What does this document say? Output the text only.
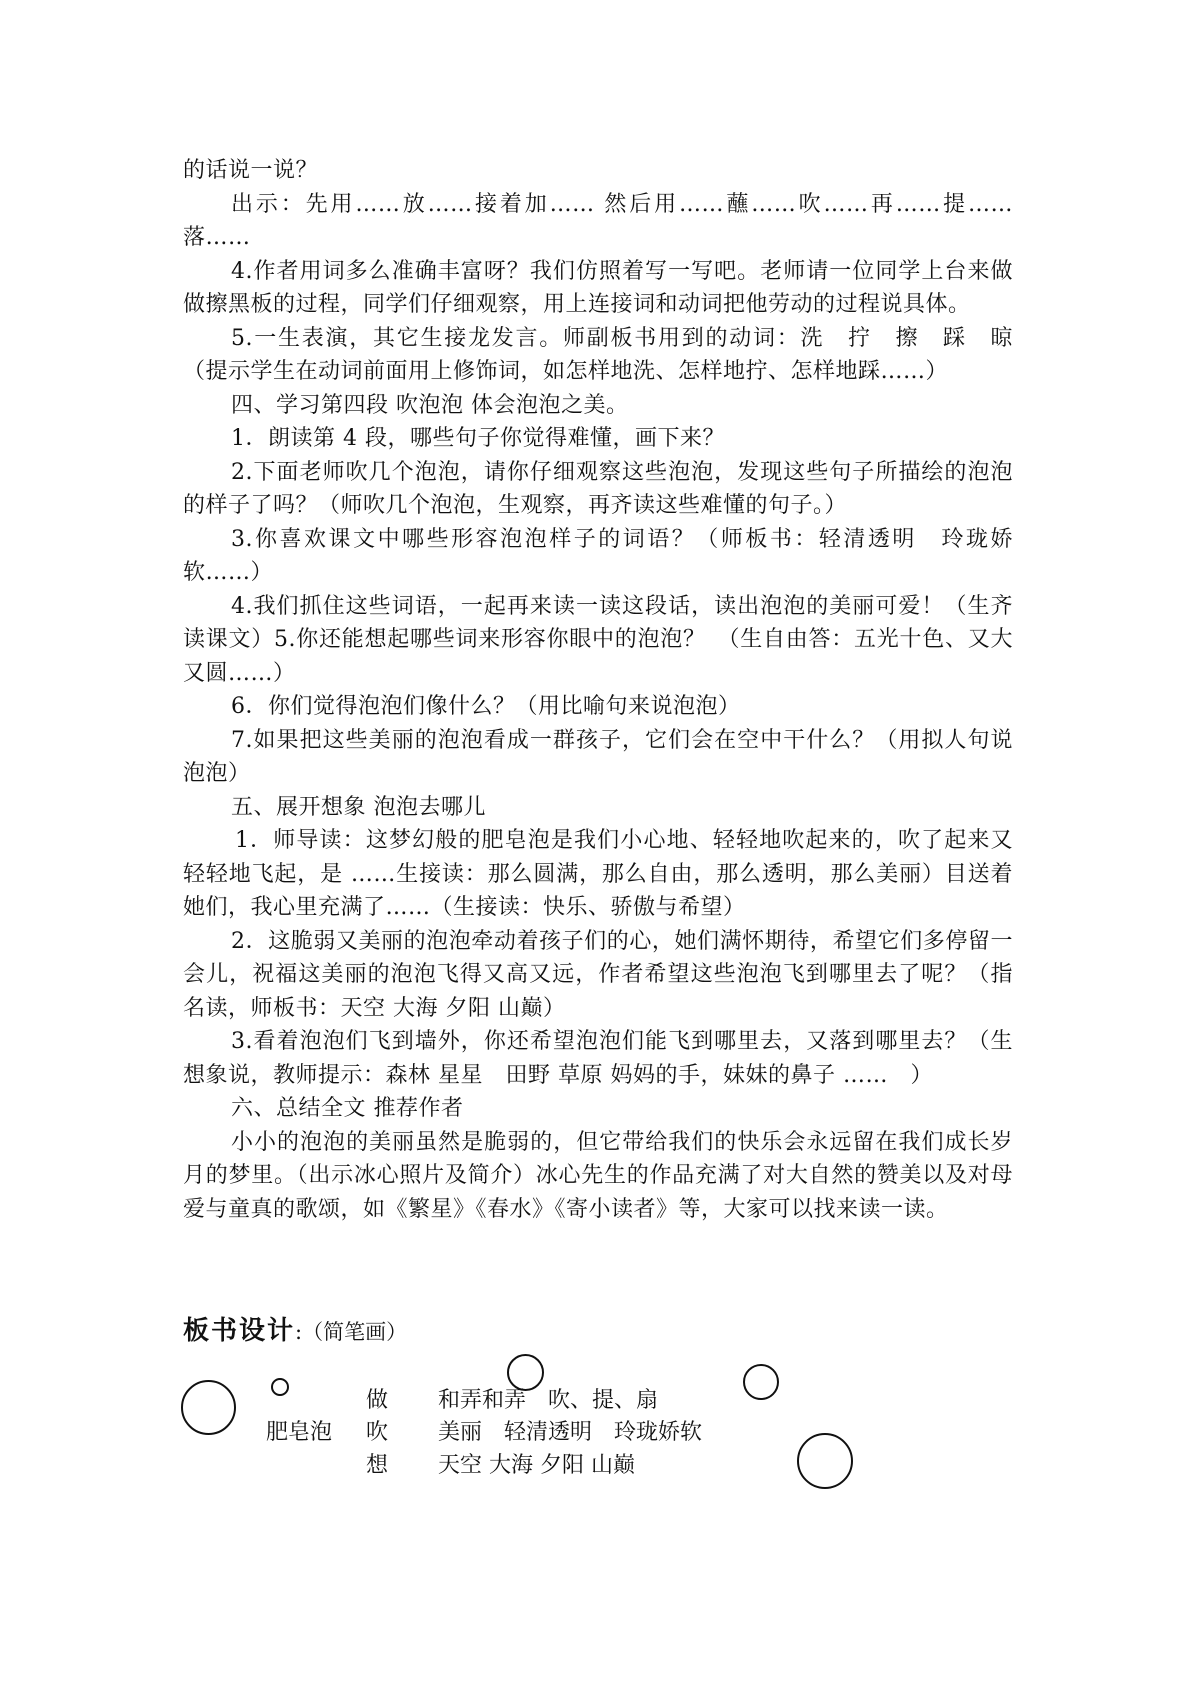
的话说一说？

出示：先用……放……接着加…… 然后用……蘸……吹……再……提……落……

4.作者用词多么准确丰富呀？我们仿照着写一写吧。老师请一位同学上台来做做擦黑板的过程，同学们仔细观察，用上连接词和动词把他劳动的过程说具体。

5.一生表演，其它生接龙发言。师副板书用到的动词：洗　拧　擦　踩　晾（提示学生在动词前面用上修饰词，如怎样地洗、怎样地拧、怎样地踩……）

四、学习第四段 吹泡泡 体会泡泡之美。

1．朗读第 4 段，哪些句子你觉得难懂，画下来？

2.下面老师吹几个泡泡，请你仔细观察这些泡泡，发现这些句子所描绘的泡泡的样子了吗？（师吹几个泡泡，生观察，再齐读这些难懂的句子。）

3.你喜欢课文中哪些形容泡泡样子的词语？（师板书：轻清透明　玲珑娇软……）

4.我们抓住这些词语，一起再来读一读这段话，读出泡泡的美丽可爱！（生齐读课文）5.你还能想起哪些词来形容你眼中的泡泡？　（生自由答：五光十色、又大又圆……）

6．你们觉得泡泡们像什么？（用比喻句来说泡泡）

7.如果把这些美丽的泡泡看成一群孩子，它们会在空中干什么？（用拟人句说泡泡）

五、展开想象 泡泡去哪儿

1．师导读：这梦幻般的肥皂泡是我们小心地、轻轻地吹起来的，吹了起来又轻轻地飞起，是 ……生接读：那么圆满，那么自由，那么透明，那么美丽）目送着她们，我心里充满了……（生接读：快乐、骄傲与希望）

2．这脆弱又美丽的泡泡牵动着孩子们的心，她们满怀期待，希望它们多停留一会儿，祝福这美丽的泡泡飞得又高又远，作者希望这些泡泡飞到哪里去了呢？（指名读，师板书：天空 大海 夕阳 山巅）

3.看着泡泡们飞到墙外，你还希望泡泡们能飞到哪里去，又落到哪里去？（生想象说，教师提示：森林 星星　田野 草原 妈妈的手，妹妹的鼻子 ……　）

六、总结全文 推荐作者

小小的泡泡的美丽虽然是脆弱的，但它带给我们的快乐会永远留在我们成长岁月的梦里。（出示冰心照片及简介）冰心先生的作品充满了对大自然的赞美以及对母爱与童真的歌颂，如《繁星》《春水》《寄小读者》等，大家可以找来读一读。

板书设计:（简笔画）
肥皂泡
做 和弄和弄　吹、提、扇
吹 美丽　轻清透明　玲珑娇软
想 天空 大海 夕阳 山巅
